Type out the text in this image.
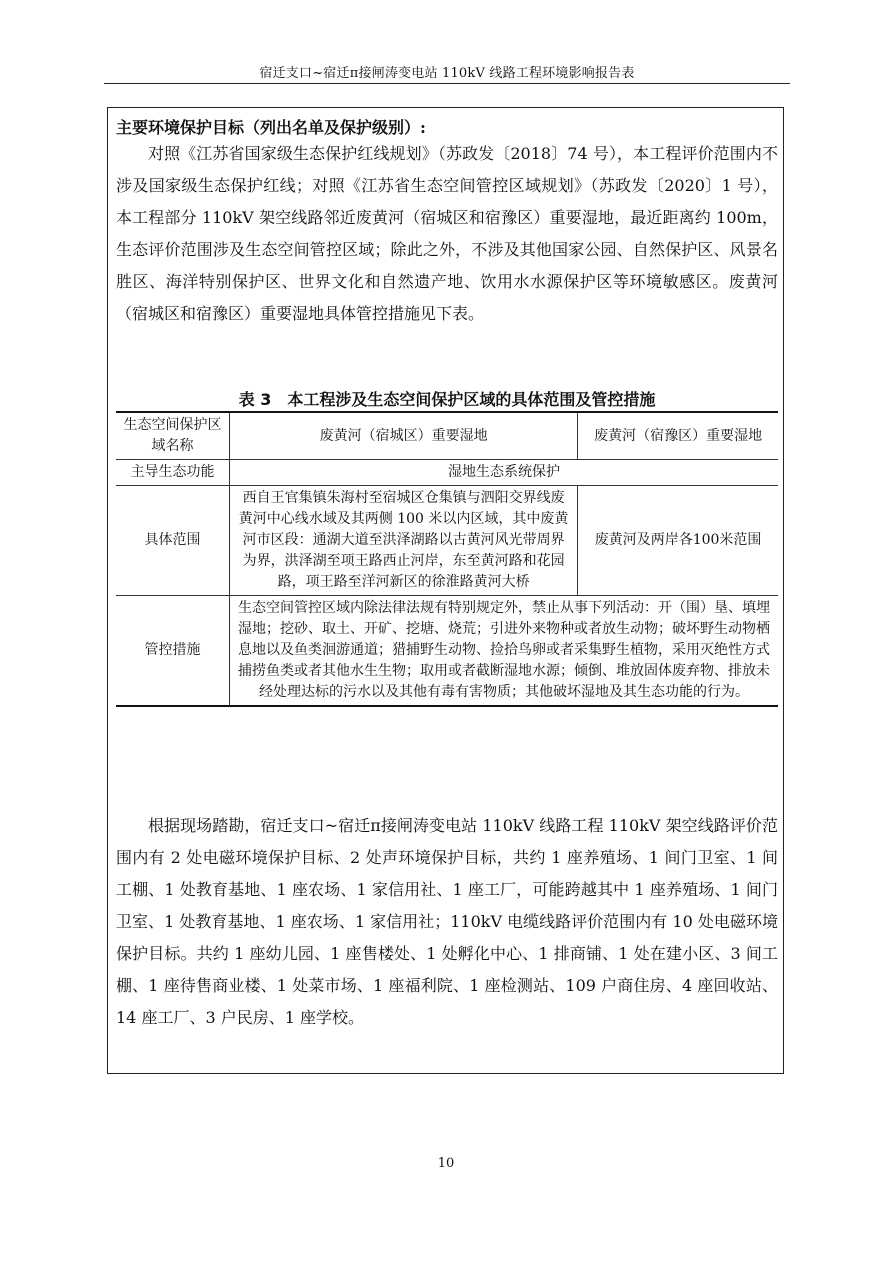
宿迁支口~宿迁π接闸涛变电站 110kV 线路工程环境影响报告表
主要环境保护目标（列出名单及保护级别）:

对照《江苏省国家级生态保护红线规划》（苏政发〔2018〕74 号），本工程评价范围内不涉及国家级生态保护红线；对照《江苏省生态空间管控区域规划》（苏政发〔2020〕1 号），本工程部分 110kV 架空线路邻近废黄河（宿城区和宿豫区）重要湿地，最近距离约 100m，生态评价范围涉及生态空间管控区域；除此之外，不涉及其他国家公园、自然保护区、风景名胜区、海洋特别保护区、世界文化和自然遗产地、饮用水水源保护区等环境敏感区。废黄河（宿城区和宿豫区）重要湿地具体管控措施见下表。

表 3　本工程涉及生态空间保护区域的具体范围及管控措施
生态空间保护区域名称	废黄河（宿城区）重要湿地	废黄河（宿豫区）重要湿地
主导生态功能	湿地生态系统保护	
具体范围	西自王官集镇朱海村至宿城区仓集镇与泗阳交界线废黄河中心线水域及其两侧 100 米以内区域，其中废黄河市区段：通湖大道至洪泽湖路以古黄河风光带周界为界，洪泽湖至项王路西止河岸，东至黄河路和花园路，项王路至洋河新区的徐淮路黄河大桥	废黄河及两岸各100米范围
管控措施	生态空间管控区域内除法律法规有特别规定外，禁止从事下列活动：开（围）垦、填埋湿地；挖砂、取土、开矿、挖塘、烧荒；引进外来物种或者放生动物；破坏野生动物栖息地以及鱼类洄游通道；猎捕野生动物、捡拾鸟卵或者采集野生植物，采用灭绝性方式捕捞鱼类或者其他水生生物；取用或者截断湿地水源；倾倒、堆放固体废弃物、排放未经处理达标的污水以及其他有毒有害物质；其他破坏湿地及其生态功能的行为。	

根据现场踏勘，宿迁支口~宿迁π接闸涛变电站 110kV 线路工程 110kV 架空线路评价范围内有 2 处电磁环境保护目标、2 处声环境保护目标，共约 1 座养殖场、1 间门卫室、1 间工棚、1 处教育基地、1 座农场、1 家信用社、1 座工厂，可能跨越其中 1 座养殖场、1 间门卫室、1 处教育基地、1 座农场、1 家信用社；110kV 电缆线路评价范围内有 10 处电磁环境保护目标。共约 1 座幼儿园、1 座售楼处、1 处孵化中心、1 排商铺、1 处在建小区、3 间工棚、1 座待售商业楼、1 处菜市场、1 座福利院、1 座检测站、109 户商住房、4 座回收站、14 座工厂、3 户民房、1 座学校。

10
